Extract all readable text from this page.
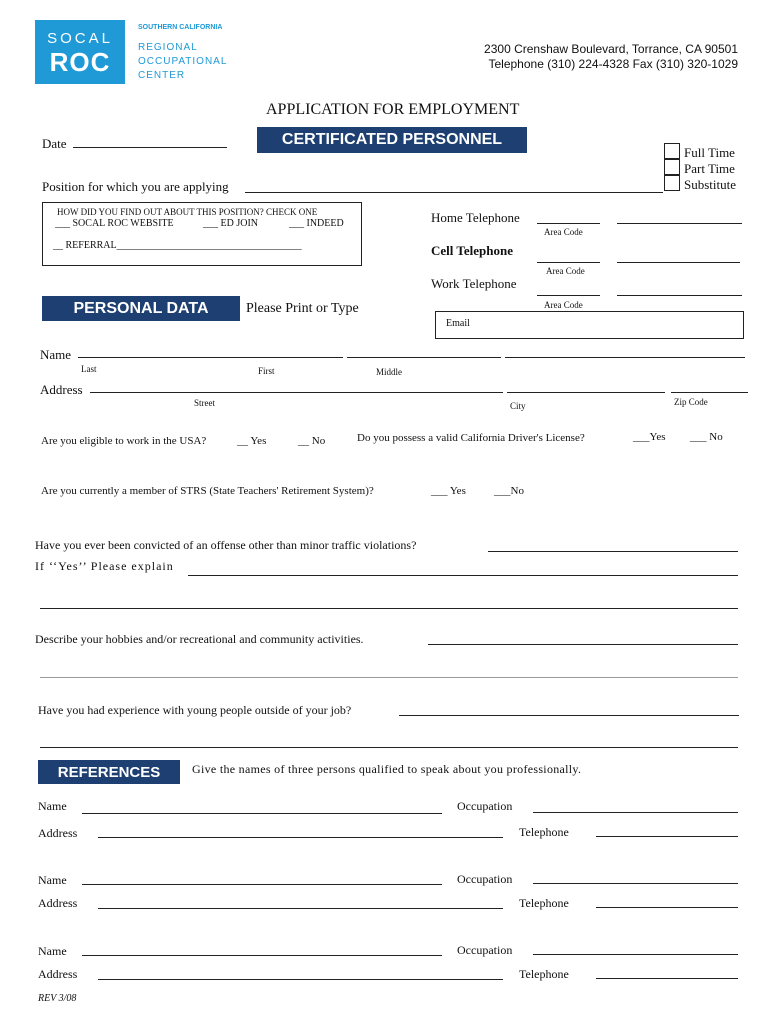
SOCAL
ROC
SOUTHERN CALIFORNIA
REGIONAL
OCCUPATIONAL
CENTER
2300 Crenshaw Boulevard, Torrance, CA 90501
Telephone (310) 224-4328 Fax (310) 320-1029
APPLICATION FOR EMPLOYMENT
CERTIFICATED PERSONNEL
Date
Full Time
Part Time
Substitute
Position for which you are applying
HOW DID YOU FIND OUT ABOUT THIS POSITION? CHECK ONE
___ SOCAL ROC WEBSITE	___ ED JOIN	___ INDEED
__ REFERRAL_____________________________________
Home Telephone
Area Code
Cell Telephone
Area Code
Work Telephone
Area Code
Email
PERSONAL DATA	Please Print or Type
Name
Last	First	Middle
Address
Street	City	Zip Code
Are you eligible to work in the USA?	__ Yes	__ No	Do you possess a valid California Driver's License?	___Yes ___ No
Are you currently a member of STRS (State Teachers' Retirement System)?	___ Yes	___No
Have you ever been convicted of an offense other than minor traffic violations?
If ‘‘Yes’’ Please explain
Describe your hobbies and/or recreational and community activities.
Have you had experience with young people outside of your job?
REFERENCES	Give the names of three persons qualified to speak about you professionally.
Name	Occupation
Address	Telephone
Name	Occupation
Address	Telephone
Name	Occupation
Address	Telephone
REV 3/08
